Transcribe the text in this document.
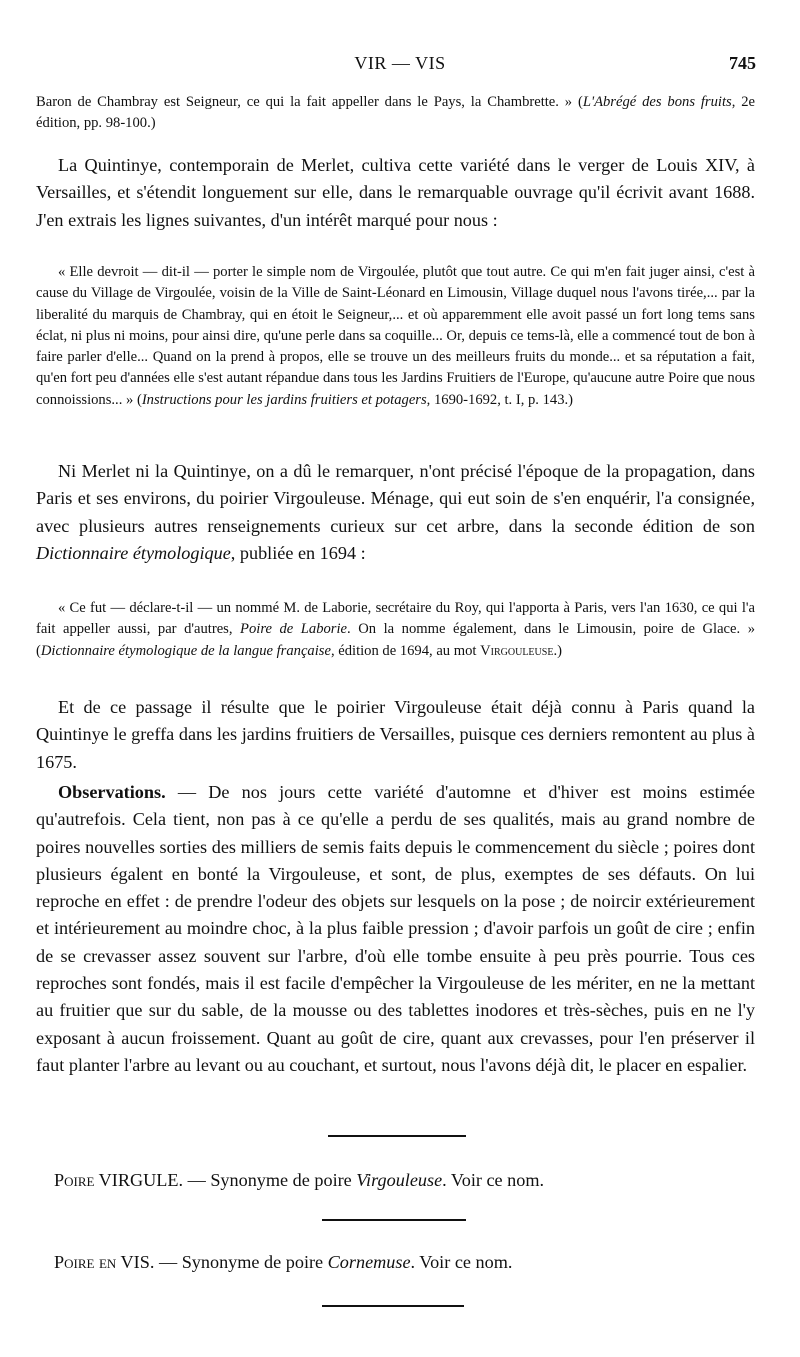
VIR — VIS	745
Baron de Chambray est Seigneur, ce qui la fait appeller dans le Pays, la Chambrette. » (L'Abrégé des bons fruits, 2e édition, pp. 98-100.)
La Quintinye, contemporain de Merlet, cultiva cette variété dans le verger de Louis XIV, à Versailles, et s'étendit longuement sur elle, dans le remarquable ouvrage qu'il écrivit avant 1688. J'en extrais les lignes suivantes, d'un intérêt marqué pour nous :
« Elle devroit — dit-il — porter le simple nom de Virgoulée, plutôt que tout autre. Ce qui m'en fait juger ainsi, c'est à cause du Village de Virgoulée, voisin de la Ville de Saint-Léonard en Limousin, Village duquel nous l'avons tirée,... par la liberalité du marquis de Chambray, qui en étoit le Seigneur,... et où apparemment elle avoit passé un fort long tems sans éclat, ni plus ni moins, pour ainsi dire, qu'une perle dans sa coquille... Or, depuis ce tems-là, elle a commencé tout de bon à faire parler d'elle... Quand on la prend à propos, elle se trouve un des meilleurs fruits du monde... et sa réputation a fait, qu'en fort peu d'années elle s'est autant répandue dans tous les Jardins Fruitiers de l'Europe, qu'aucune autre Poire que nous connoissions... » (Instructions pour les jardins fruitiers et potagers, 1690-1692, t. I, p. 143.)
Ni Merlet ni la Quintinye, on a dû le remarquer, n'ont précisé l'époque de la propagation, dans Paris et ses environs, du poirier Virgouleuse. Ménage, qui eut soin de s'en enquérir, l'a consignée, avec plusieurs autres renseignements curieux sur cet arbre, dans la seconde édition de son Dictionnaire étymologique, publiée en 1694 :
« Ce fut — déclare-t-il — un nommé M. de Laborie, secrétaire du Roy, qui l'apporta à Paris, vers l'an 1630, ce qui l'a fait appeller aussi, par d'autres, Poire de Laborie. On la nomme également, dans le Limousin, poire de Glace. » (Dictionnaire étymologique de la langue française, édition de 1694, au mot Virgouleuse.)
Et de ce passage il résulte que le poirier Virgouleuse était déjà connu à Paris quand la Quintinye le greffa dans les jardins fruitiers de Versailles, puisque ces derniers remontent au plus à 1675.
Observations. — De nos jours cette variété d'automne et d'hiver est moins estimée qu'autrefois. Cela tient, non pas à ce qu'elle a perdu de ses qualités, mais au grand nombre de poires nouvelles sorties des milliers de semis faits depuis le commencement du siècle ; poires dont plusieurs égalent en bonté la Virgouleuse, et sont, de plus, exemptes de ses défauts. On lui reproche en effet : de prendre l'odeur des objets sur lesquels on la pose ; de noircir extérieurement et intérieurement au moindre choc, à la plus faible pression ; d'avoir parfois un goût de cire ; enfin de se crevasser assez souvent sur l'arbre, d'où elle tombe ensuite à peu près pourrie. Tous ces reproches sont fondés, mais il est facile d'empêcher la Virgouleuse de les mériter, en ne la mettant au fruitier que sur du sable, de la mousse ou des tablettes inodores et très-sèches, puis en ne l'y exposant à aucun froissement. Quant au goût de cire, quant aux crevasses, pour l'en préserver il faut planter l'arbre au levant ou au couchant, et surtout, nous l'avons déjà dit, le placer en espalier.
Poire VIRGULE. — Synonyme de poire Virgouleuse. Voir ce nom.
Poire en VIS. — Synonyme de poire Cornemuse. Voir ce nom.
